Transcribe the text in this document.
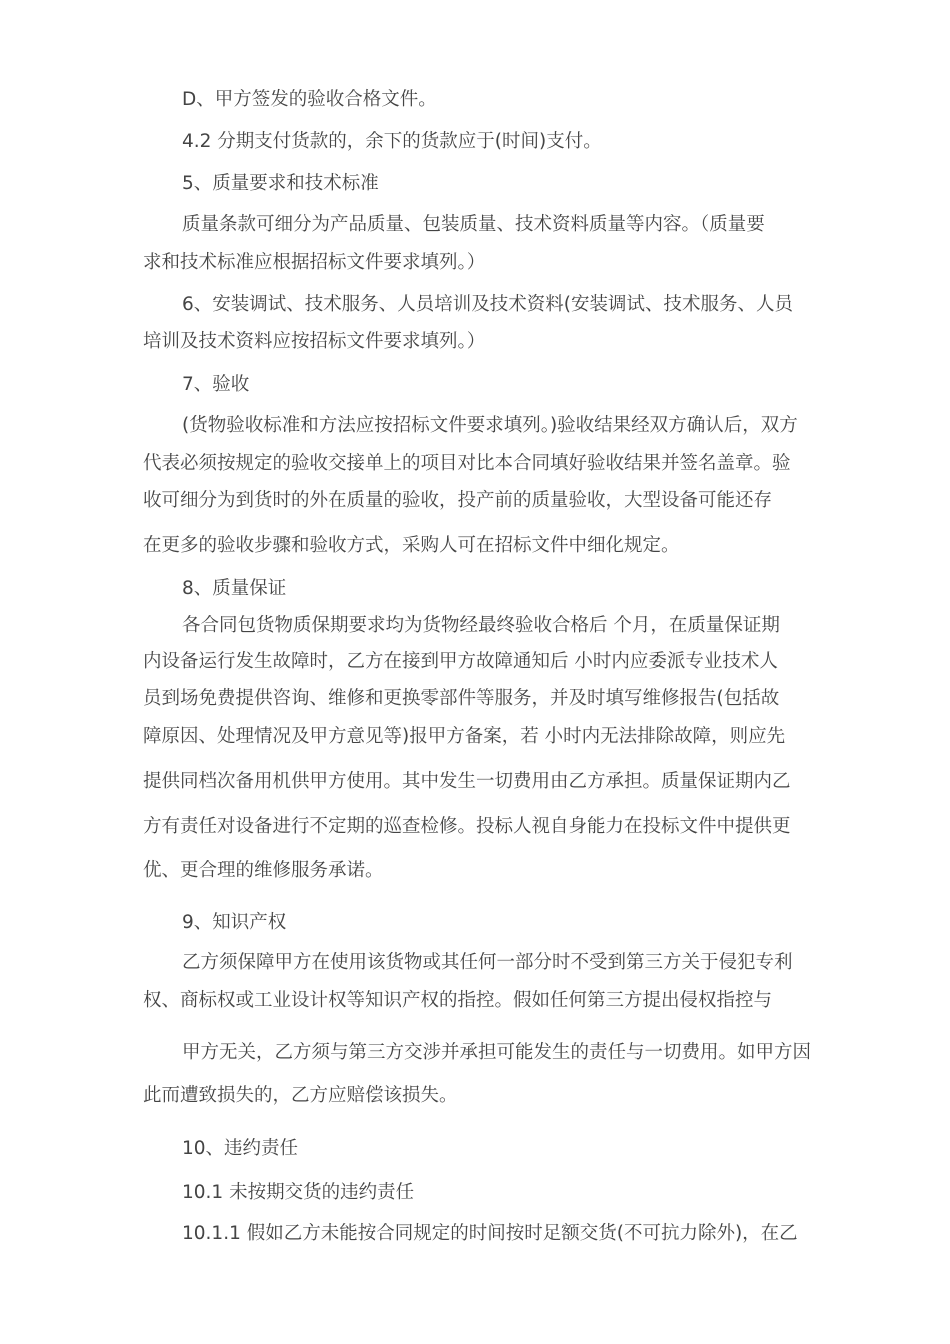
D、甲方签发的验收合格文件。
4.2 分期支付货款的，余下的货款应于(时间)支付。
5、质量要求和技术标准
质量条款可细分为产品质量、包装质量、技术资料质量等内容。（质量要
求和技术标准应根据招标文件要求填列。）
6、安装调试、技术服务、人员培训及技术资料(安装调试、技术服务、人员
培训及技术资料应按招标文件要求填列。）
7、验收
(货物验收标准和方法应按招标文件要求填列。)验收结果经双方确认后，双方
代表必须按规定的验收交接单上的项目对比本合同填好验收结果并签名盖章。验
收可细分为到货时的外在质量的验收，投产前的质量验收，大型设备可能还存
在更多的验收步骤和验收方式，采购人可在招标文件中细化规定。
8、质量保证
各合同包货物质保期要求均为货物经最终验收合格后 个月，在质量保证期
内设备运行发生故障时，乙方在接到甲方故障通知后 小时内应委派专业技术人
员到场免费提供咨询、维修和更换零部件等服务，并及时填写维修报告(包括故
障原因、处理情况及甲方意见等)报甲方备案，若 小时内无法排除故障，则应先
提供同档次备用机供甲方使用。其中发生一切费用由乙方承担。质量保证期内乙
方有责任对设备进行不定期的巡查检修。投标人视自身能力在投标文件中提供更
优、更合理的维修服务承诺。
9、知识产权
乙方须保障甲方在使用该货物或其任何一部分时不受到第三方关于侵犯专利
权、商标权或工业设计权等知识产权的指控。假如任何第三方提出侵权指控与
甲方无关，乙方须与第三方交涉并承担可能发生的责任与一切费用。如甲方因
此而遭致损失的，乙方应赔偿该损失。
10、违约责任
10.1 未按期交货的违约责任
10.1.1 假如乙方未能按合同规定的时间按时足额交货(不可抗力除外)，在乙
